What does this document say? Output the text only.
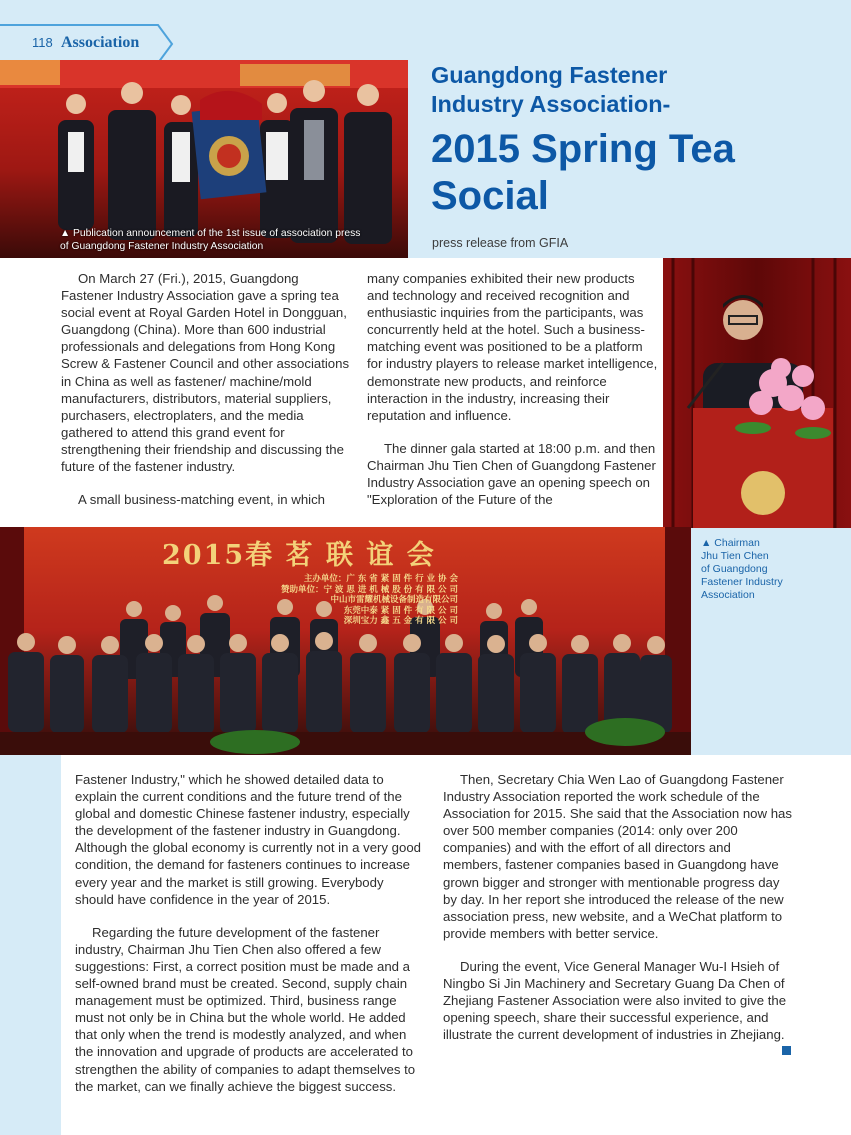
118 Association
▲ Publication announcement of the 1st issue of association press of Guangdong Fastener Industry Association
Guangdong Fastener
Industry Association-
2015 Spring Tea
Social
press release from GFIA

On March 27 (Fri.), 2015, Guangdong Fastener Industry Association gave a spring tea social event at Royal Garden Hotel in Dongguan, Guangdong (China). More than 600 industrial professionals and delegations from Hong Kong Screw & Fastener Council and other associations in China as well as fastener/ machine/mold manufacturers, distributors, material suppliers, purchasers, electroplaters, and the media gathered to attend this grand event for strengthening their friendship and discussing the future of the fastener industry.

A small business-matching event, in which

many companies exhibited their new products and technology and received recognition and enthusiastic inquiries from the participants, was concurrently held at the hotel. Such a business-matching event was positioned to be a platform for industry players to release market intelligence, demonstrate new products, and reinforce interaction in the industry, increasing their reputation and influence.

The dinner gala started at 18:00 p.m. and then Chairman Jhu Tien Chen of Guangdong Fastener Industry Association gave an opening speech on "Exploration of the Future of the

▲ Chairman
Jhu Tien Chen
of Guangdong
Fastener Industry
Association
2015春 茗 联 谊 会
主办单位：广 东 省 紧 固 件 行 业 协 会
赞助单位：宁 波 思 进 机 械 股 份 有 限 公 司
中山市雷耀机械设备制造有限公司
东莞中泰 紧 固 件 有 限 公 司
深圳宝力 鑫 五 金 有 限 公 司

Fastener Industry," which he showed detailed data to explain the current conditions and the future trend of the global and domestic Chinese fastener industry, especially the development of the fastener industry in Guangdong. Although the global economy is currently not in a very good condition, the demand for fasteners continues to increase every year and the market is still growing. Everybody should have confidence in the year of 2015.

Regarding the future development of the fastener industry, Chairman Jhu Tien Chen also offered a few suggestions: First, a correct position must be made and a self-owned brand must be created. Second, supply chain management must be optimized. Third, business range must not only be in China but the whole world. He added that only when the trend is modestly analyzed, and when the innovation and upgrade of products are accelerated to strengthen the ability of companies to adapt themselves to the market, can we finally achieve the biggest success.

Then, Secretary Chia Wen Lao of Guangdong Fastener Industry Association reported the work schedule of the Association for 2015. She said that the Association now has over 500 member companies (2014: only over 200 companies) and with the effort of all directors and members, fastener companies based in Guangdong have grown bigger and stronger with mentionable progress day by day. In her report she introduced the release of the new association press, new website, and a WeChat platform to provide members with better service.

During the event, Vice General Manager Wu-I Hsieh of Ningbo Si Jin Machinery and Secretary Guang Da Chen of Zhejiang Fastener Association were also invited to give the opening speech, share their successful experience, and illustrate the current development of industries in Zhejiang.
